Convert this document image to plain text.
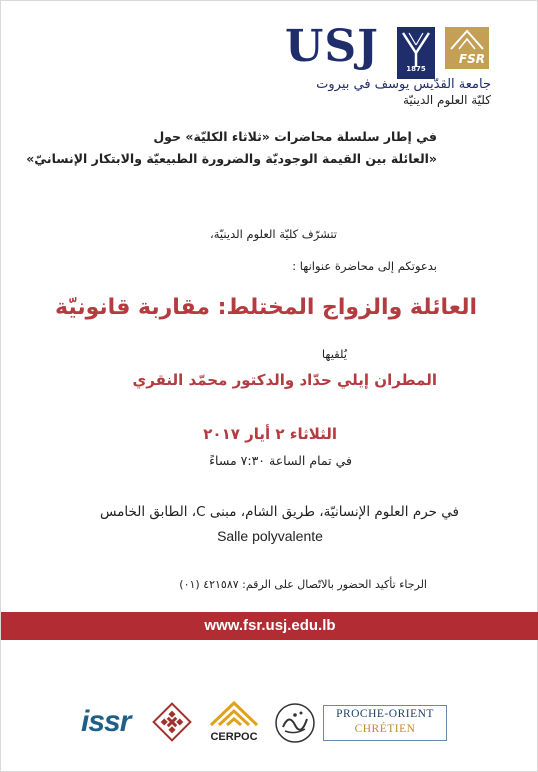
USJ	1875
FSR
جامعة القدّيس يوسف في بيروت
كليّة العلوم الدينيّة
في إطار سلسلة محاضرات «ثلاثاء الكليّة» حول
«العائلة بين القيمة الوجوديّة والضرورة الطبيعيّة والابتكار الإنسانيّ»
تتشرّف كليّة العلوم الدينيّة،
بدعوتكم إلى محاضرة عنوانها :
العائلة والزواج المختلط: مقاربة قانونيّة
يُلقيها
المطران إيلي حدّاد والدكتور محمّد النقري
الثلاثاء ٢ أيار ٢٠١٧
في تمام الساعة ٧:٣٠ مساءً
في حرم العلوم الإنسانيّة، طريق الشام، مبنى C، الطابق الخامس
Salle polyvalente
الرجاء تأكيد الحضور بالاتّصال على الرقم: ٤٢١٥٨٧ (٠١)
www.fsr.usj.edu.lb
issr	CERPOC
PROCHE-ORIENT
CHRÉTIEN
